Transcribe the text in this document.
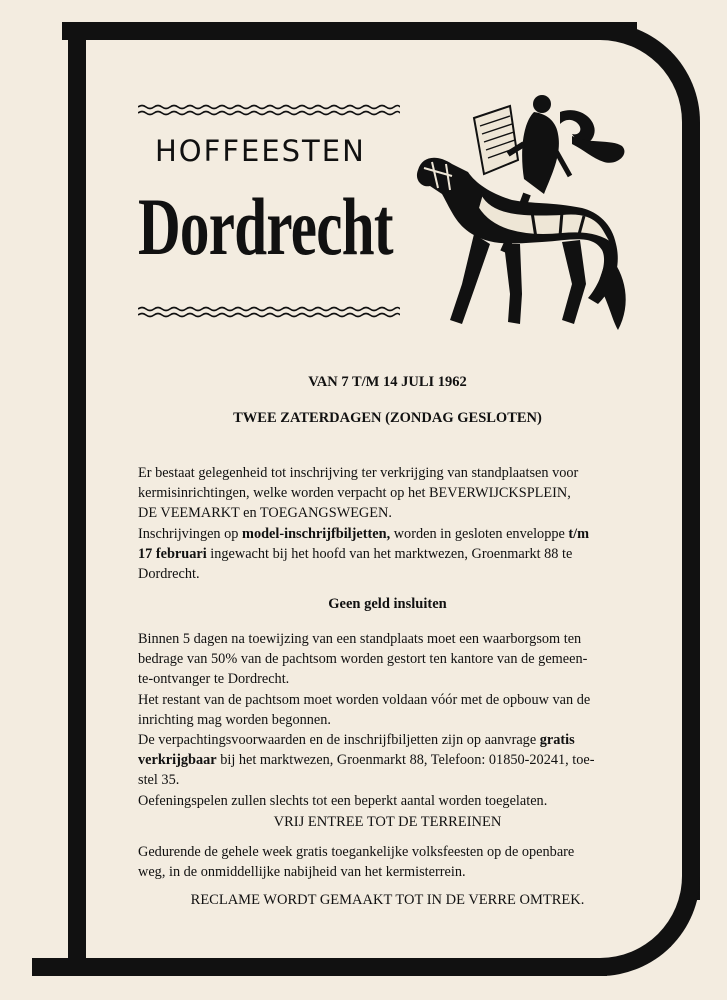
HOFFEESTEN
Dordrecht
VAN 7 T/M 14 JULI 1962
TWEE ZATERDAGEN (ZONDAG GESLOTEN)

Er bestaat gelegenheid tot inschrijving ter verkrijging van standplaatsen voor

kermisinrichtingen, welke worden verpacht op het BEVERWIJCKSPLEIN,

DE VEEMARKT en TOEGANGSWEGEN.

Inschrijvingen op model-inschrijfbiljetten, worden in gesloten enveloppe t/m

17 februari ingewacht bij het hoofd van het marktwezen, Groenmarkt 88 te

Dordrecht.

Geen geld insluiten

Binnen 5 dagen na toewijzing van een standplaats moet een waarborgsom ten

bedrage van 50% van de pachtsom worden gestort ten kantore van de gemeen-

te-ontvanger te Dordrecht.

Het restant van de pachtsom moet worden voldaan vóór met de opbouw van de

inrichting mag worden begonnen.

De verpachtingsvoorwaarden en de inschrijfbiljetten zijn op aanvrage gratis

verkrijgbaar bij het marktwezen, Groenmarkt 88, Telefoon: 01850-20241, toe-

stel 35.

Oefeningspelen zullen slechts tot een beperkt aantal worden toegelaten.

VRIJ ENTREE TOT DE TERREINEN

Gedurende de gehele week gratis toegankelijke volksfeesten op de openbare

weg, in de onmiddellijke nabijheid van het kermisterrein.

RECLAME WORDT GEMAAKT TOT IN DE VERRE OMTREK.
